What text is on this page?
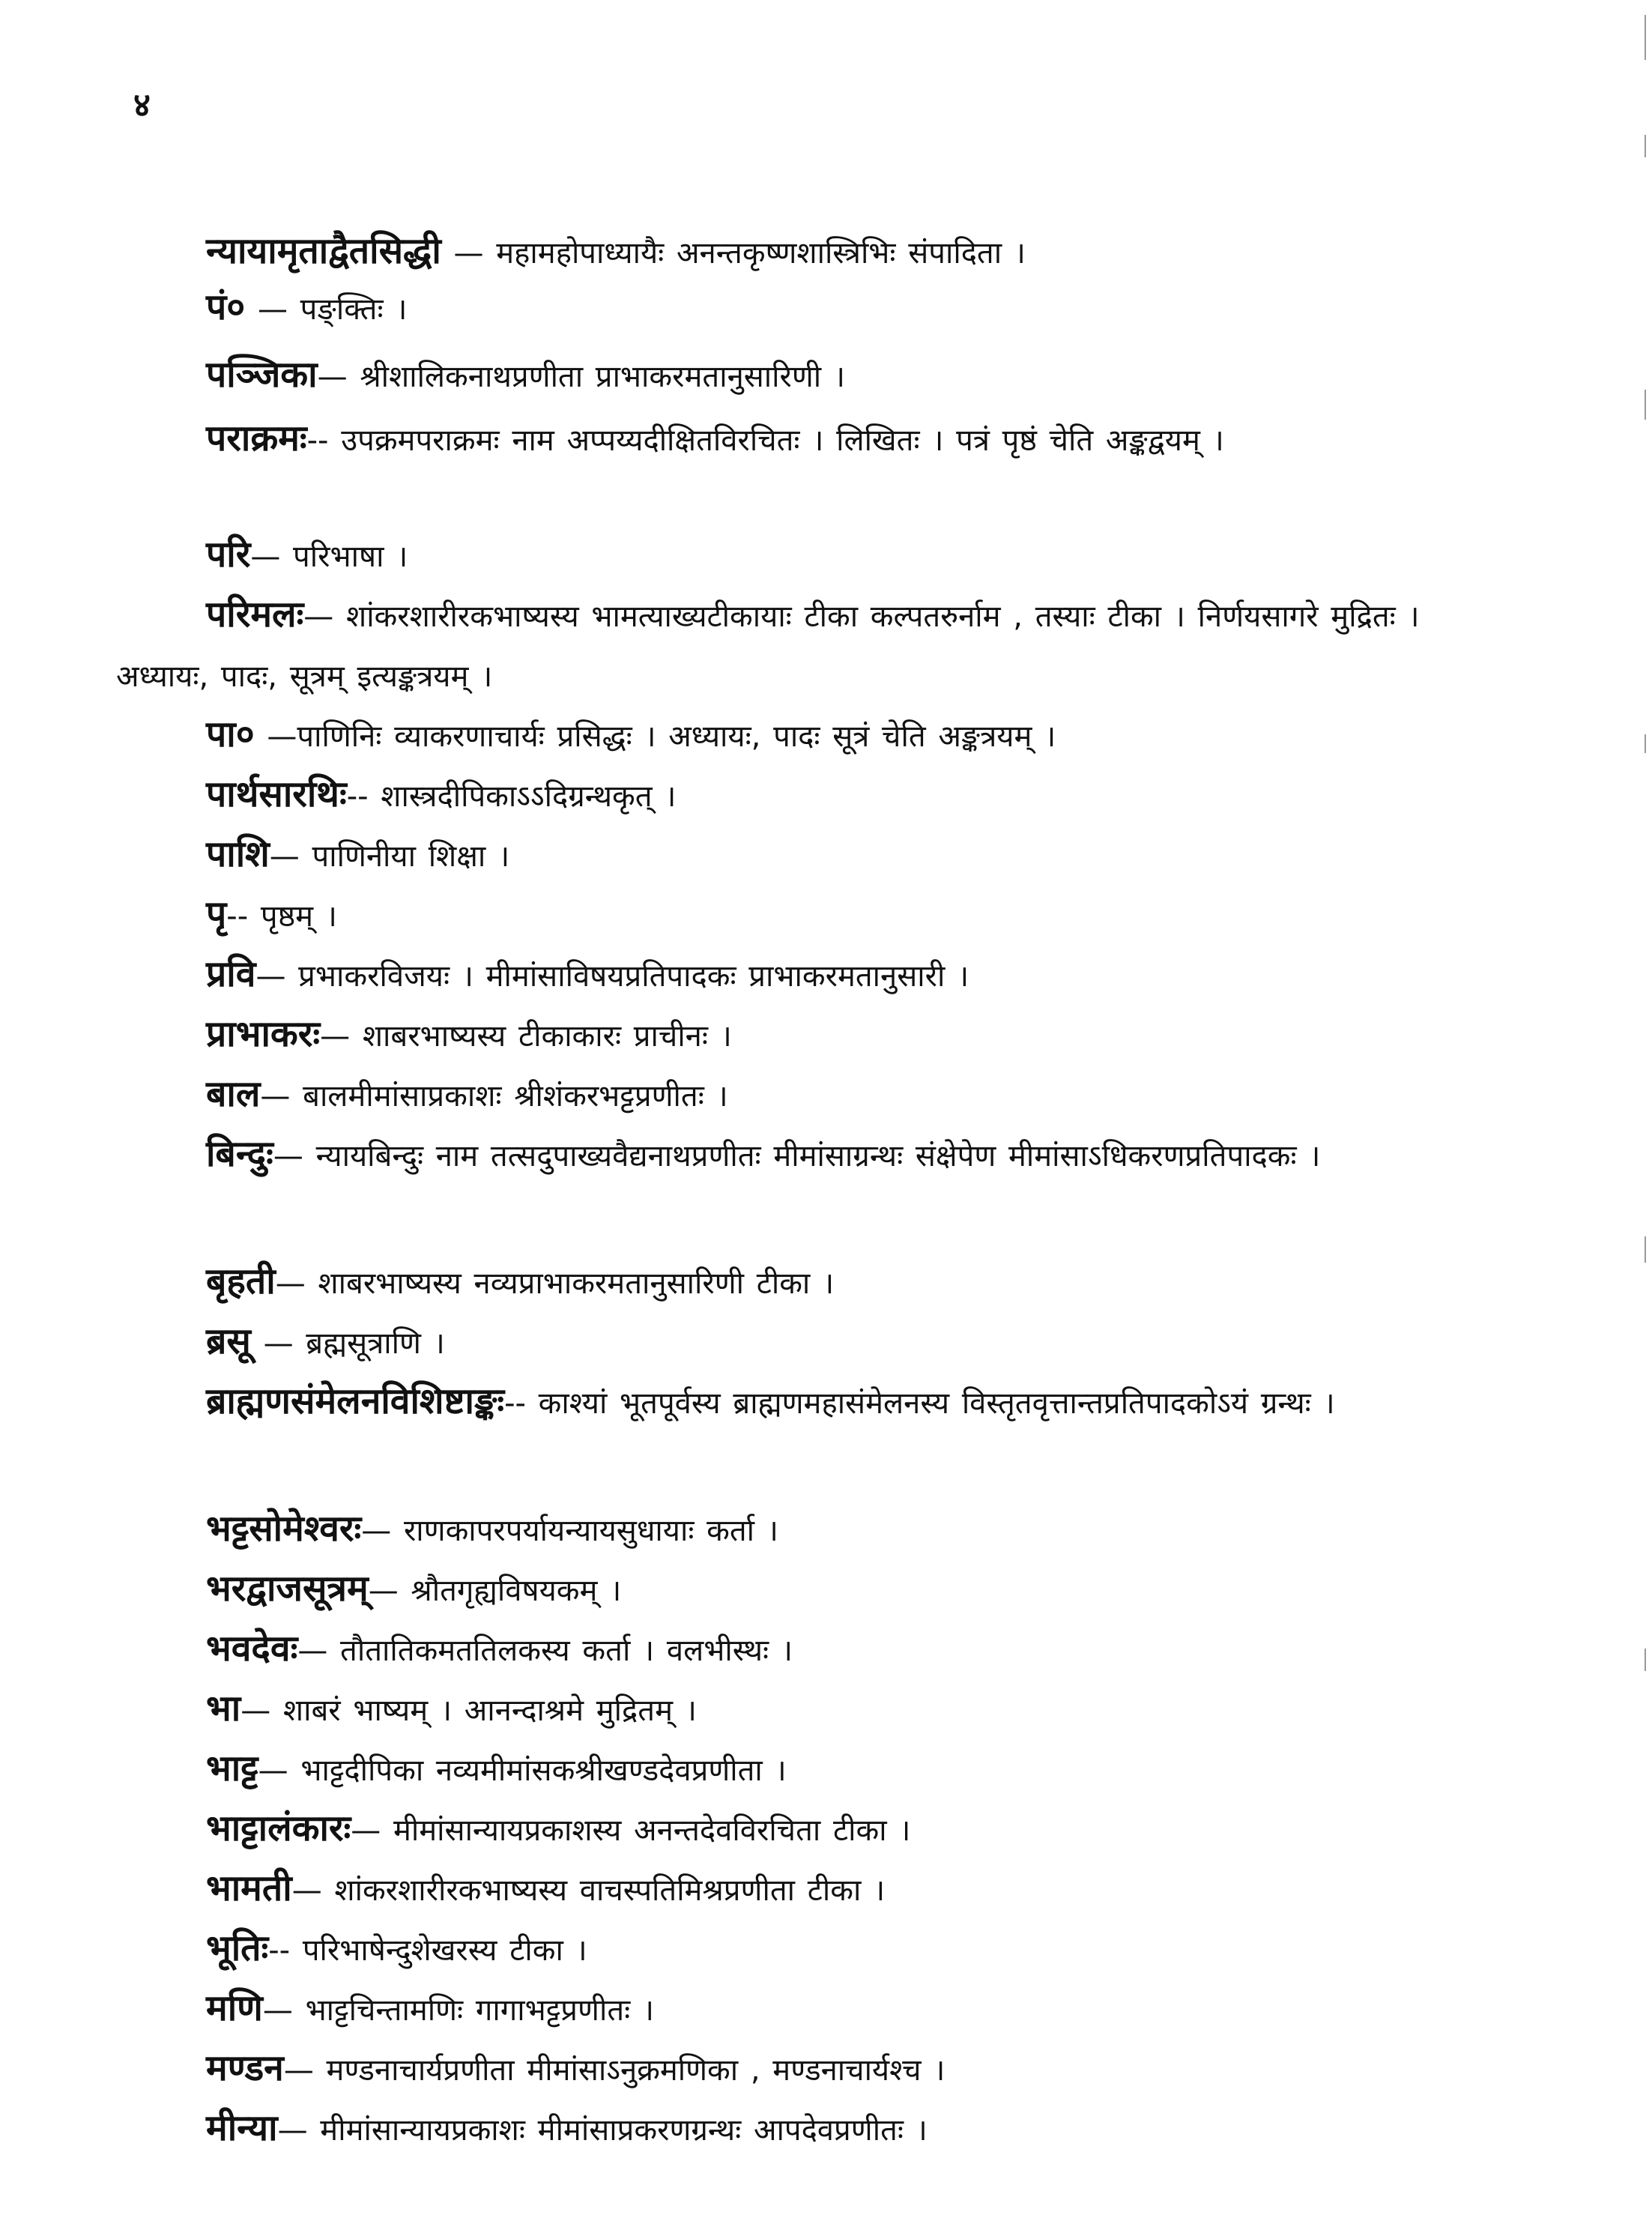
४

न्यायामृताद्वैतसिद्धी — महामहोपाध्यायैः अनन्तकृष्णशास्त्रिभिः संपादिता ।

पं० — पङ्क्तिः ।

पञ्जिका— श्रीशालिकनाथप्रणीता प्राभाकरमतानुसारिणी ।

पराक्रमः-- उपक्रमपराक्रमः नाम अप्पय्यदीक्षितविरचितः । लिखितः । पत्रं पृष्ठं चेति अङ्कद्वयम् ।

परि— परिभाषा ।

परिमलः— शांकरशारीरकभाष्यस्य भामत्याख्यटीकायाः टीका कल्पतरुर्नाम , तस्याः टीका । निर्णयसागरे मुद्रितः । अध्यायः, पादः, सूत्रम् इत्यङ्कत्रयम् ।

पा० —पाणिनिः व्याकरणाचार्यः प्रसिद्धः । अध्यायः, पादः सूत्रं चेति अङ्कत्रयम् ।

पार्थसारथिः-- शास्त्रदीपिकाऽऽदिग्रन्थकृत् ।

पाशि— पाणिनीया शिक्षा ।

पृ-- पृष्ठम् ।

प्रवि— प्रभाकरविजयः । मीमांसाविषयप्रतिपादकः प्राभाकरमतानुसारी ।

प्राभाकरः— शाबरभाष्यस्य टीकाकारः प्राचीनः ।

बाल— बालमीमांसाप्रकाशः श्रीशंकरभट्टप्रणीतः ।

बिन्दुः— न्यायबिन्दुः नाम तत्सदुपाख्यवैद्यनाथप्रणीतः मीमांसाग्रन्थः संक्षेपेण मीमांसाऽधिकरणप्रतिपादकः ।

बृहती— शाबरभाष्यस्य नव्यप्राभाकरमतानुसारिणी टीका ।

ब्रसू — ब्रह्मसूत्राणि ।

ब्राह्मणसंमेलनविशिष्टाङ्कः-- काश्यां भूतपूर्वस्य ब्राह्मणमहासंमेलनस्य विस्तृतवृत्तान्तप्रतिपादकोऽयं ग्रन्थः ।

भट्टसोमेश्वरः— राणकापरपर्यायन्यायसुधायाः कर्ता ।

भरद्वाजसूत्रम्— श्रौतगृह्यविषयकम् ।

भवदेवः— तौतातिकमततिलकस्य कर्ता । वलभीस्थः ।

भा— शाबरं भाष्यम् । आनन्दाश्रमे मुद्रितम् ।

भाट्ट— भाट्टदीपिका नव्यमीमांसकश्रीखण्डदेवप्रणीता ।

भाट्टालंकारः— मीमांसान्यायप्रकाशस्य अनन्तदेवविरचिता टीका ।

भामती— शांकरशारीरकभाष्यस्य वाचस्पतिमिश्रप्रणीता टीका ।

भूतिः-- परिभाषेन्दुशेखरस्य टीका ।

मणि— भाट्टचिन्तामणिः गागाभट्टप्रणीतः ।

मण्डन— मण्डनाचार्यप्रणीता मीमांसाऽनुक्रमणिका , मण्डनाचार्यश्च ।

मीन्या— मीमांसान्यायप्रकाशः मीमांसाप्रकरणग्रन्थः आपदेवप्रणीतः ।
